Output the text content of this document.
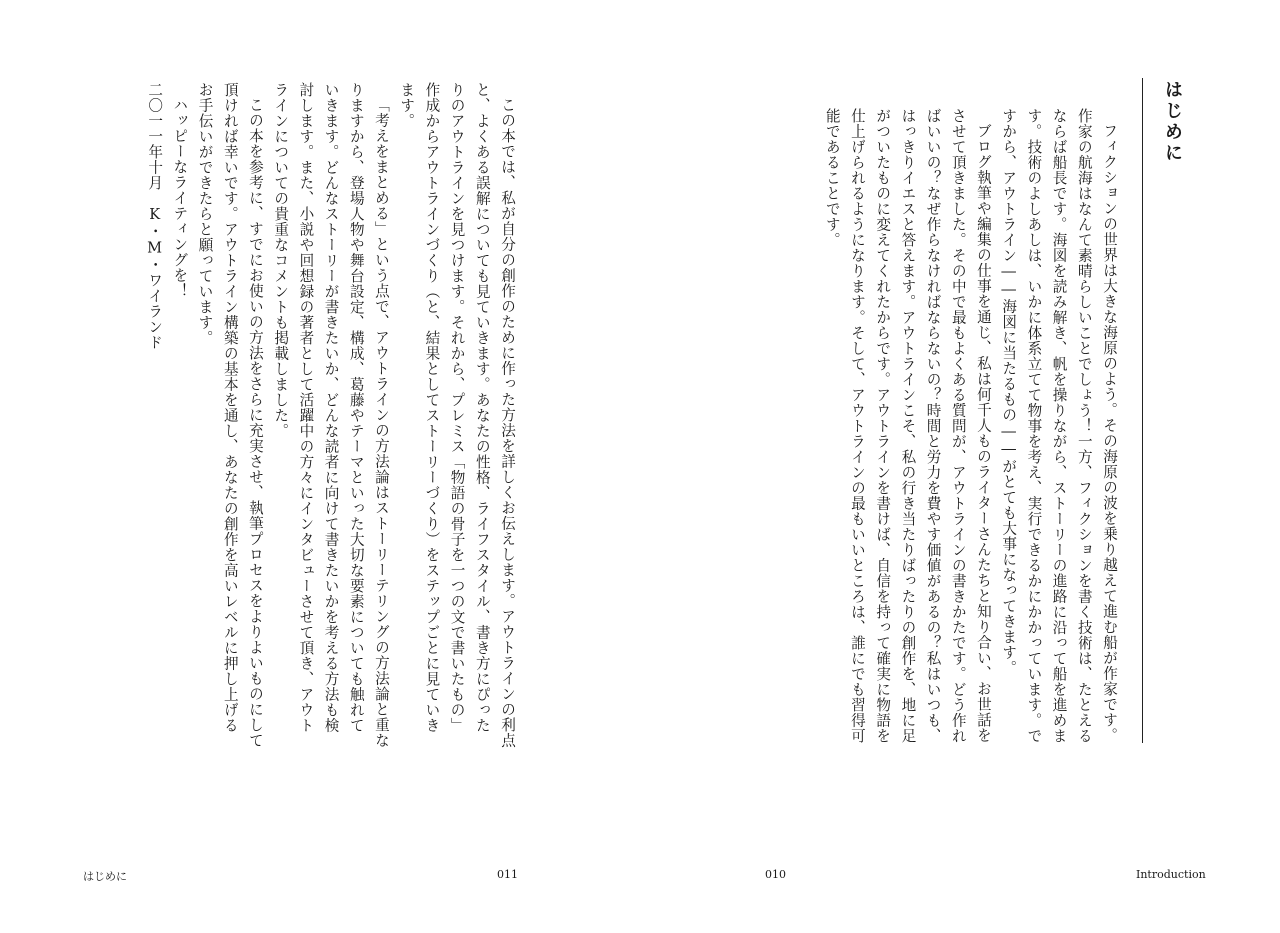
はじめに

フィクションの世界は大きな海原のよう。その海原の波を乗り越えて進む船が作家です。作家の航海はなんて素晴らしいことでしょう！一方、フィクションを書く技術は、たとえるならば船長です。海図を読み解き、帆を操りながら、ストーリーの進路に沿って船を進めます。技術のよしあしは、いかに体系立てて物事を考え、実行できるかにかかっています。ですから、アウトライン――海図に当たるもの――がとても大事になってきます。

ブログ執筆や編集の仕事を通じ、私は何千人ものライターさんたちと知り合い、お世話をさせて頂きました。その中で最もよくある質問が、アウトラインの書きかたです。どう作ればいいの？なぜ作らなければならないの？時間と労力を費やす価値があるの？私はいつも、はっきりイエスと答えます。アウトラインこそ、私の行き当たりばったりの創作を、地に足がついたものに変えてくれたからです。アウトラインを書けば、自信を持って確実に物語を仕上げられるようになります。そして、アウトラインの最もいいところは、誰にでも習得可能であることです。

010	Introduction

この本では、私が自分の創作のために作った方法を詳しくお伝えします。アウトラインの利点と、よくある誤解についても見ていきます。あなたの性格、ライフスタイル、書き方にぴったりのアウトラインを見つけます。それから、プレミス「物語の骨子を一つの文で書いたもの」作成からアウトラインづくり（と、結果としてストーリーづくり）をステップごとに見ていきます。

「考えをまとめる」という点で、アウトラインの方法論はストーリーテリングの方法論と重なりますから、登場人物や舞台設定、構成、葛藤やテーマといった大切な要素についても触れていきます。どんなストーリーが書きたいか、どんな読者に向けて書きたいかを考える方法も検討します。また、小説や回想録の著者として活躍中の方々にインタビューさせて頂き、アウトラインについての貴重なコメントも掲載しました。

この本を参考に、すでにお使いの方法をさらに充実させ、執筆プロセスをよりよいものにして頂ければ幸いです。アウトライン構築の基本を通し、あなたの創作を高いレベルに押し上げるお手伝いができたらと願っています。

ハッピーなライティングを！

二〇一一年十月　K・M・ワイランド

はじめに	011
